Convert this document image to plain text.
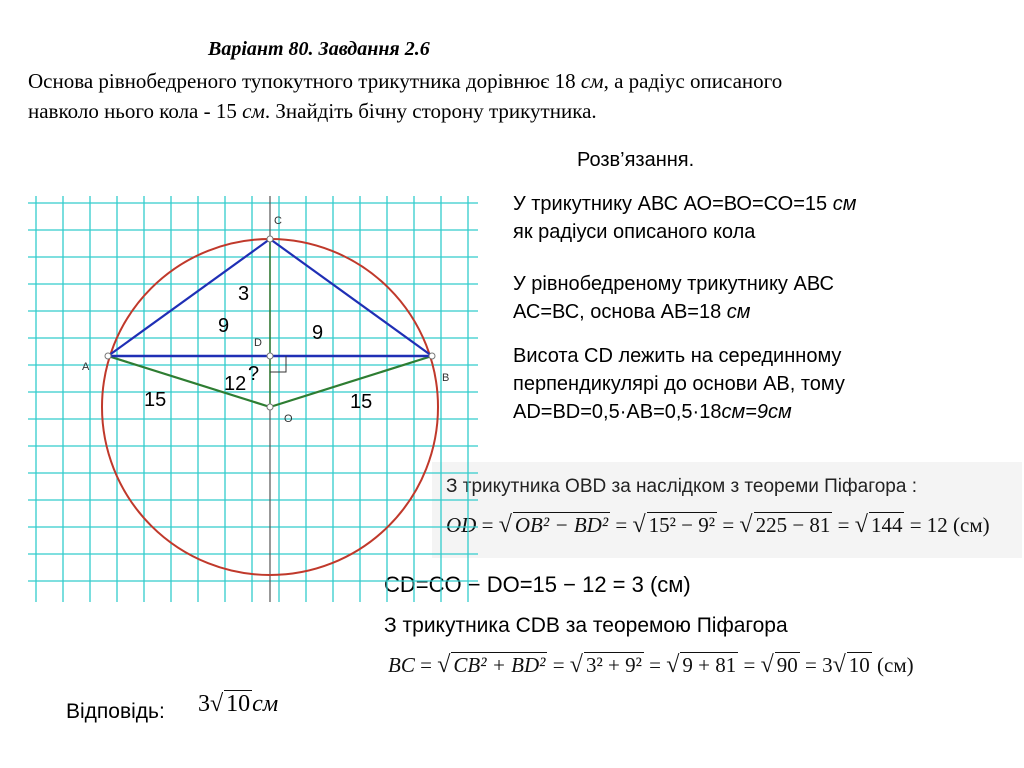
Варіант 80. Завдання 2.6
Основа рівнобедреного тупокутного трикутника дорівнює 18 см, а радіус описаного
навколо нього кола - 15 см. Знайдіть бічну сторону трикутника.
Розв’язання.
У трикутнику АВС АО=ВО=СО=15 см
як радіуси описаного кола
У рівнобедреному трикутнику АВС
АС=ВС, основа АВ=18 см
Висота CD лежить на серединному
перпендикулярі до основи АВ, тому
AD=BD=0,5·AB=0,5·18см=9см
З трикутника OBD за наслідком з теореми Піфагора :
OD = √ OB² − BD² = √ 15² − 9² = √ 225 − 81 = √ 144 = 12 (см)
CD=CO − DO=15 − 12 = 3 (см)
З трикутника CDB за теоремою Піфагора
BC = √ CB² + BD² = √ 3² + 9² = √ 9 + 81 = √ 90 = 3√ 10 (см)
Відповідь: 3√ 10см
C
A
B
D
O
3
9	9
12 ?
15	15
